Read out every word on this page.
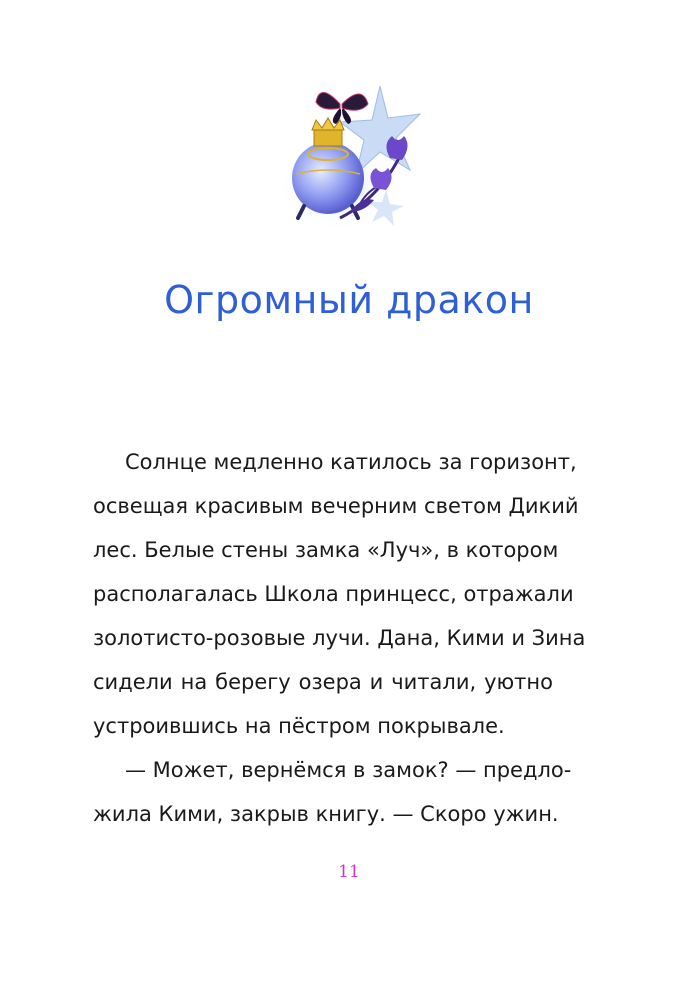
Огромный дракон
Солнце медленно катилось за горизонт,
освещая красивым вечерним светом Дикий
лес. Белые стены замка «Луч», в котором
располагалась Школа принцесс, отражали
золотисто-розовые лучи. Дана, Кими и Зина
сидели на берегу озера и читали, уютно
устроившись на пёстром покрывале.
— Может, вернёмся в замок? — предло-
жила Кими, закрыв книгу. — Скоро ужин.
11
